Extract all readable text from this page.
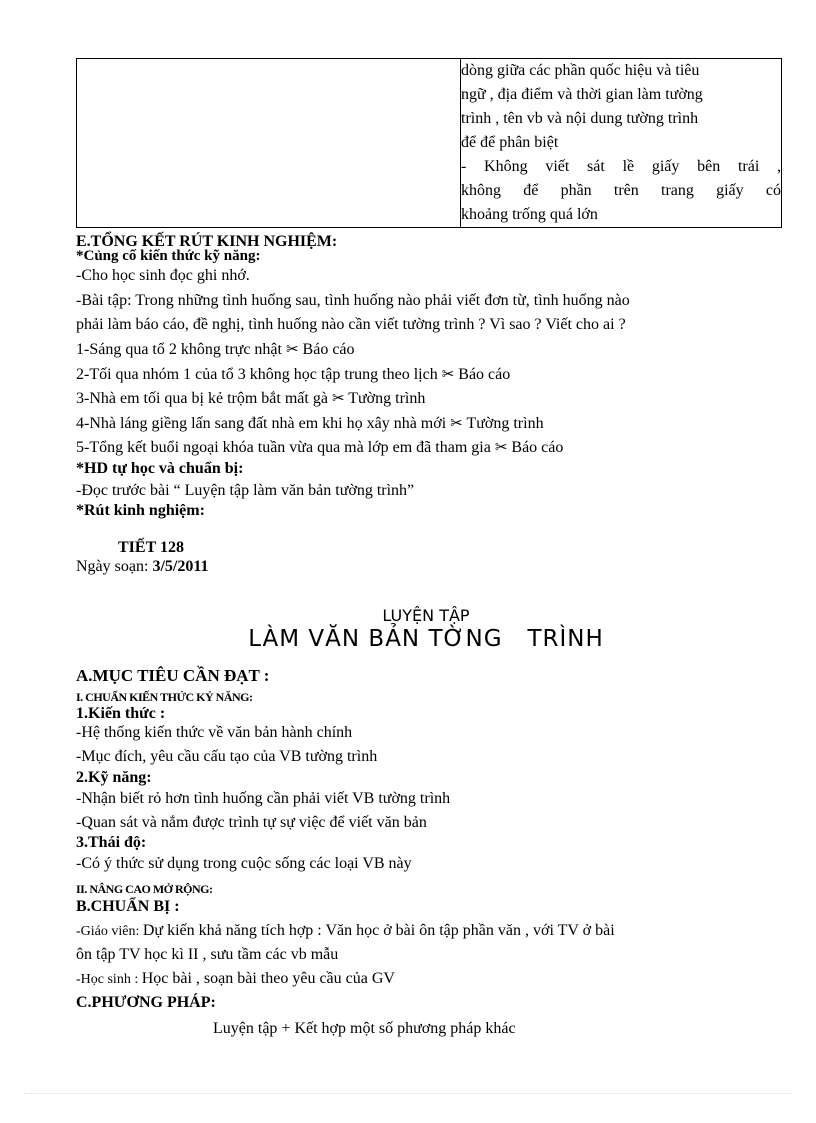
dòng giữa các phần quốc hiệu và tiêu
ngữ , địa điểm và thời gian làm tường
trình , tên vb và nội dung tường trình
để để phân biệt
- Không viết sát lề giấy bên trái ,
không để phần trên trang giấy có
khoảng trống quá lớn
E.TỔNG KẾT RÚT KINH NGHIỆM:
*Củng cố kiến thức kỹ năng:
-Cho học sinh đọc ghi nhớ.
-Bài tập: Trong những tình huống sau, tình huống nào phải viết đơn từ, tình huống nào
phải làm báo cáo, đề nghị, tình huống nào cần viết tường trình ? Vì sao ? Viết cho ai ?
1-Sáng qua tổ 2 không trực nhật ✂ Báo cáo
2-Tối qua nhóm 1 của tổ 3 không học tập trung theo lịch ✂ Báo cáo
3-Nhà em tối qua bị kẻ trộm bắt mất gà ✂ Tường trình
4-Nhà láng giềng lấn sang đất nhà em khi họ xây nhà mới ✂ Tường trình
5-Tổng kết buổi ngoại khóa tuần vừa qua mà lớp em đã tham gia ✂ Báo cáo
*HD tự học và chuẩn bị:
-Đọc trước bài “ Luyện tập làm văn bản tường trình”
*Rút kinh nghiệm:
TIẾT 128
Ngày soạn: 3/5/2011
LUYỆN TẬP
LÀM VĂN BẢN TỜNG   TRÌNH
A.MỤC TIÊU CẦN ĐẠT :
I. CHUẨN KIẾN THỨC KỶ NĂNG:
1.Kiến thức :
-Hệ thống kiến thức về văn bản hành chính
-Mục đích, yêu cầu cấu tạo của VB tường trình
2.Kỹ năng:
-Nhận biết rỏ hơn tình huống cần phải viết VB tường trình
-Quan sát và nắm được trình tự sự việc để viết văn bản
3.Thái độ:
-Có ý thức sử dụng trong cuộc sống các loại VB này
II. NÂNG CAO MỞ RỘNG:
B.CHUẨN BỊ :
-Giáo viên: Dự kiến khả năng tích hợp : Văn học ở bài ôn tập phần văn , với TV ở bài
ôn tập TV học kì II , sưu tầm các vb mẫu
-Học sinh : Học bài , soạn bài theo yêu cầu của GV
C.PHƯƠNG PHÁP:
Luyện tập + Kết hợp một số phương pháp khác
